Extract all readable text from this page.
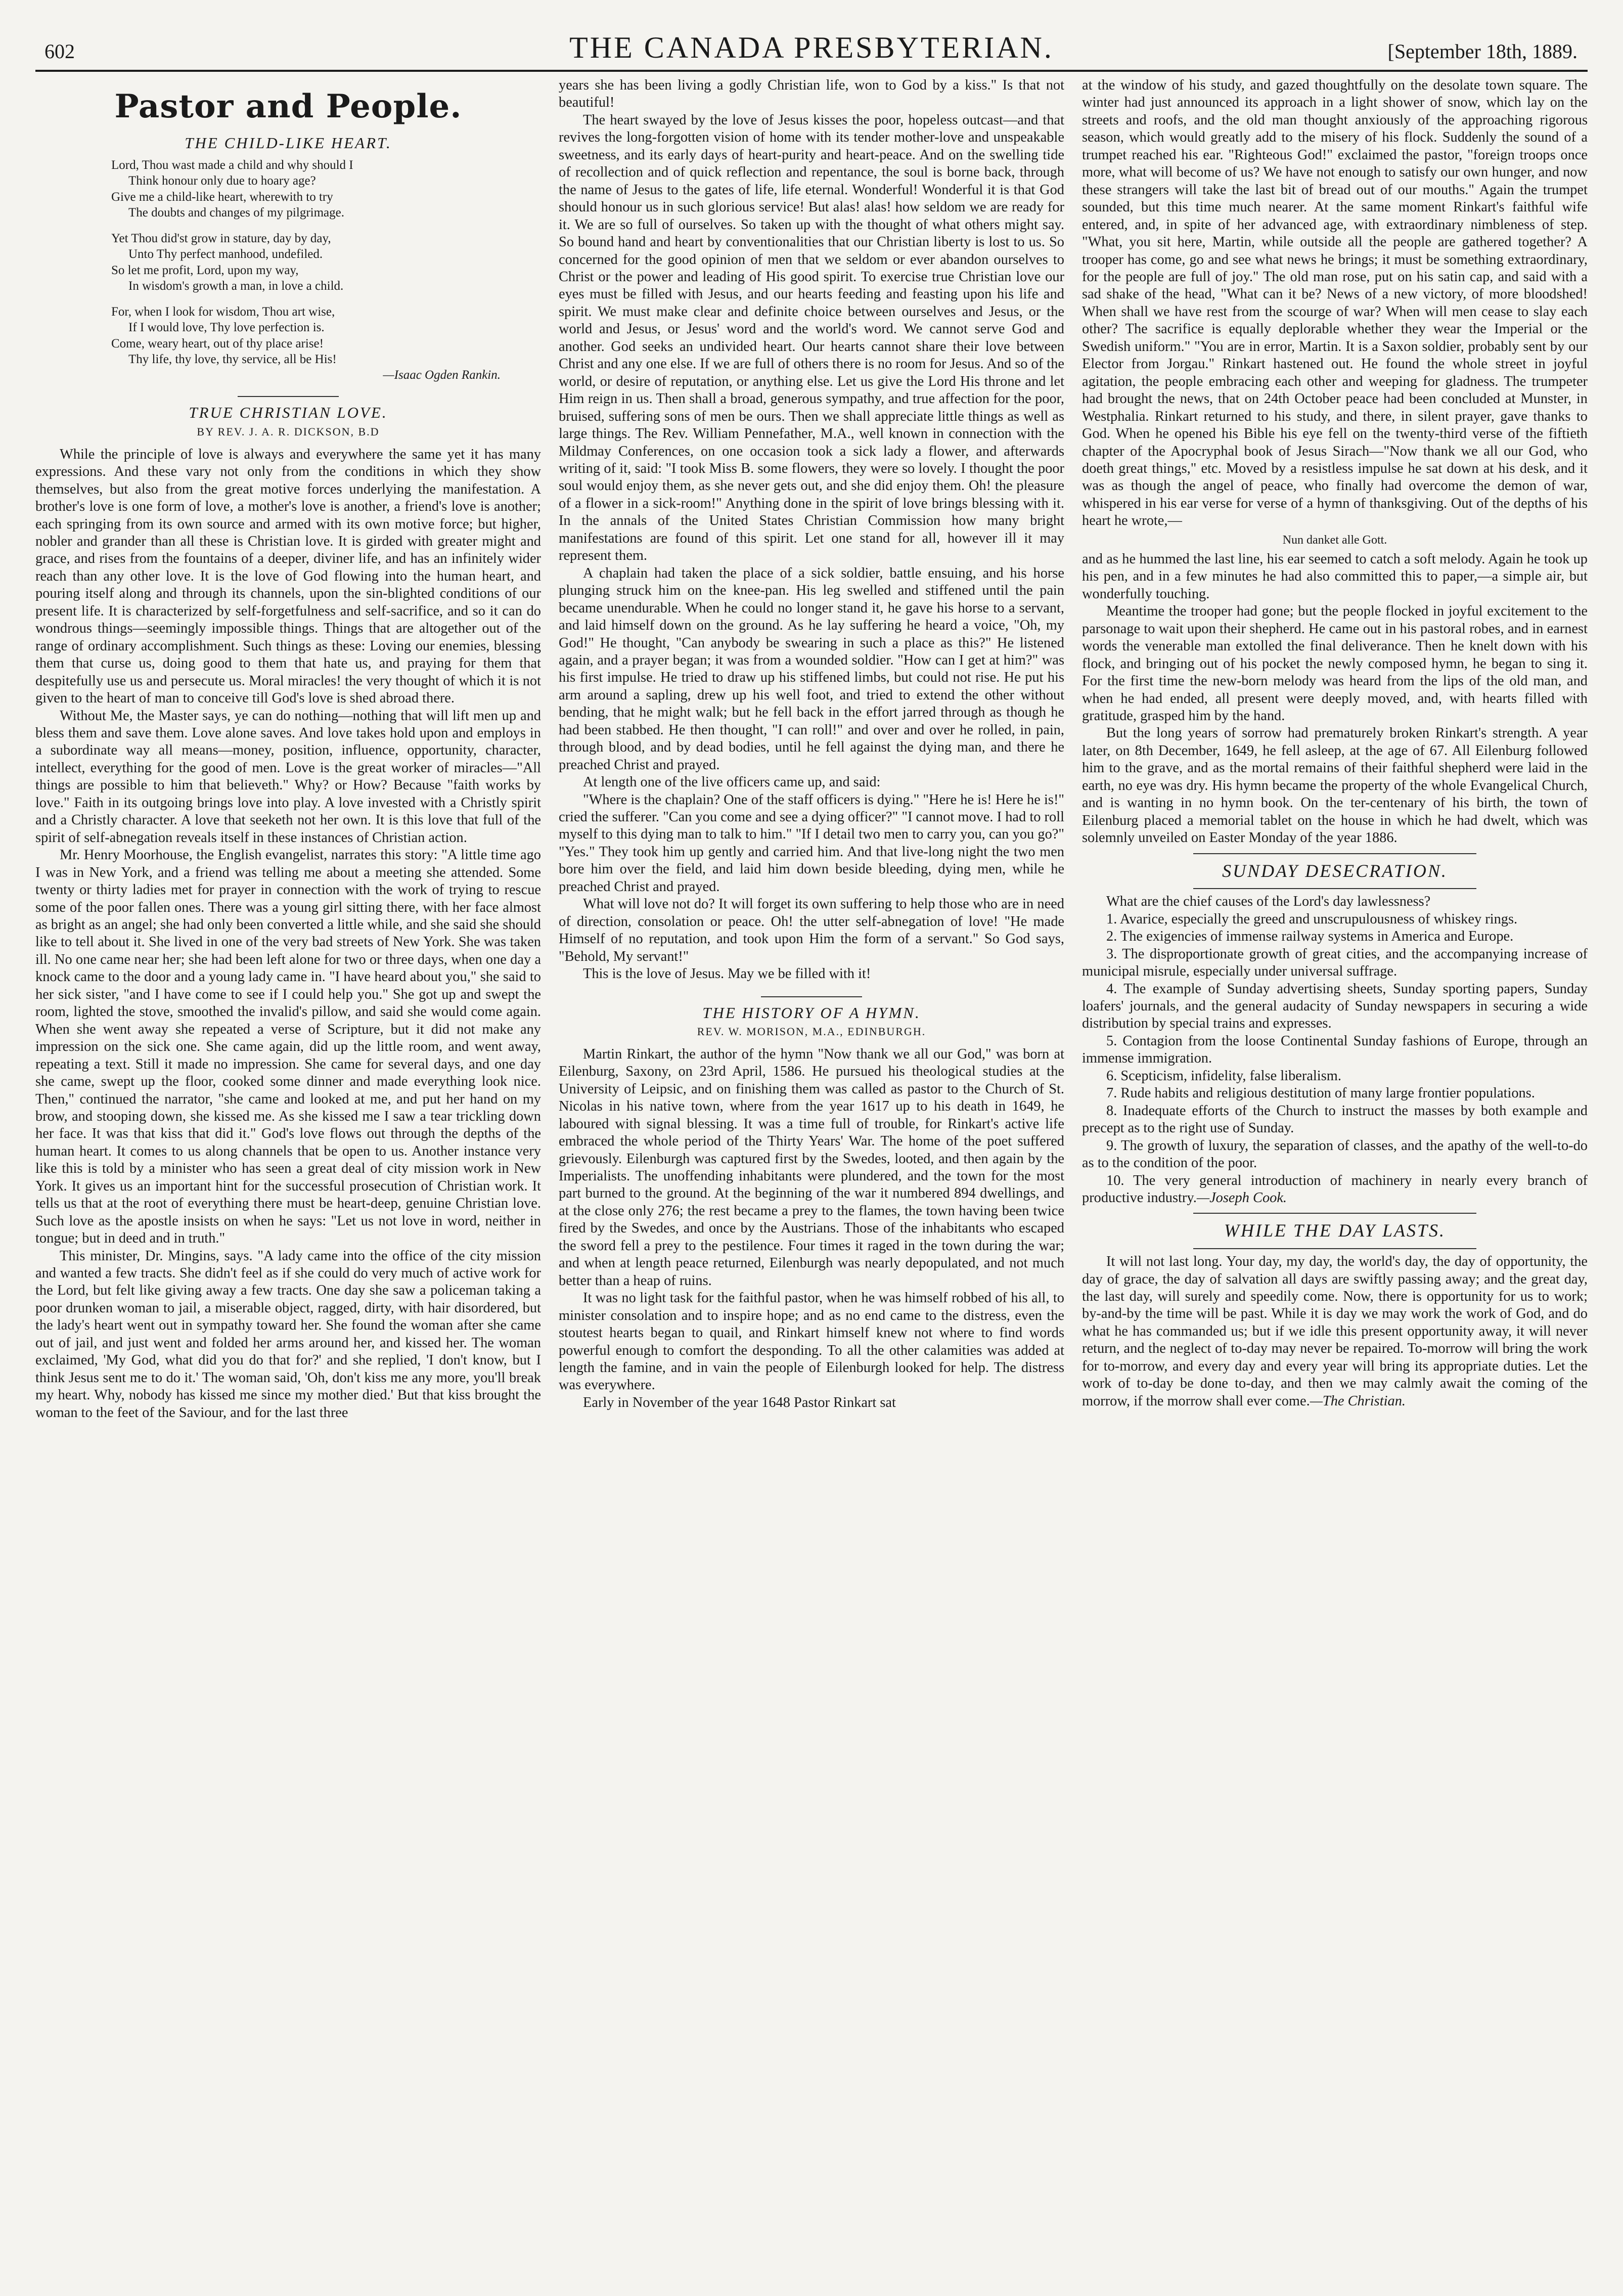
602	THE CANADA PRESBYTERIAN.	[September 18th, 1889.
Pastor and People.
THE CHILD-LIKE HEART.
Lord, Thou wast made a child and why should I
Think honour only due to hoary age?
Give me a child-like heart, wherewith to try
The doubts and changes of my pilgrimage.
Yet Thou did'st grow in stature, day by day,
Unto Thy perfect manhood, undefiled.
So let me profit, Lord, upon my way,
In wisdom's growth a man, in love a child.
For, when I look for wisdom, Thou art wise,
If I would love, Thy love perfection is.
Come, weary heart, out of thy place arise!
Thy life, thy love, thy service, all be His!
—Isaac Ogden Rankin.
TRUE CHRISTIAN LOVE.
BY REV. J. A. R. DICKSON, B.D

While the principle of love is always and everywhere the same yet it has many expressions. And these vary not only from the conditions in which they show themselves, but also from the great motive forces underlying the manifestation. A brother's love is one form of love, a mother's love is another, a friend's love is another; each springing from its own source and armed with its own motive force; but higher, nobler and grander than all these is Christian love. It is girded with greater might and grace, and rises from the fountains of a deeper, diviner life, and has an infinitely wider reach than any other love. It is the love of God flowing into the human heart, and pouring itself along and through its channels, upon the sin-blighted conditions of our present life. It is characterized by self-forgetfulness and self-sacrifice, and so it can do wondrous things—seemingly impossible things. Things that are altogether out of the range of ordinary accomplishment. Such things as these: Loving our enemies, blessing them that curse us, doing good to them that hate us, and praying for them that despitefully use us and persecute us. Moral miracles! the very thought of which it is not given to the heart of man to conceive till God's love is shed abroad there.

Without Me, the Master says, ye can do nothing—nothing that will lift men up and bless them and save them. Love alone saves. And love takes hold upon and employs in a subordinate way all means—money, position, influence, opportunity, character, intellect, everything for the good of men. Love is the great worker of miracles—"All things are possible to him that believeth." Why? or How? Because "faith works by love." Faith in its outgoing brings love into play. A love invested with a Christly spirit and a Christly character. A love that seeketh not her own. It is this love that full of the spirit of self-abnegation reveals itself in these instances of Christian action.

Mr. Henry Moorhouse, the English evangelist, narrates this story: "A little time ago I was in New York, and a friend was telling me about a meeting she attended. Some twenty or thirty ladies met for prayer in connection with the work of trying to rescue some of the poor fallen ones. There was a young girl sitting there, with her face almost as bright as an angel; she had only been converted a little while, and she said she should like to tell about it. She lived in one of the very bad streets of New York. She was taken ill. No one came near her; she had been left alone for two or three days, when one day a knock came to the door and a young lady came in. "I have heard about you," she said to her sick sister, "and I have come to see if I could help you." She got up and swept the room, lighted the stove, smoothed the invalid's pillow, and said she would come again. When she went away she repeated a verse of Scripture, but it did not make any impression on the sick one. She came again, did up the little room, and went away, repeating a text. Still it made no impression. She came for several days, and one day she came, swept up the floor, cooked some dinner and made everything look nice. Then," continued the narrator, "she came and looked at me, and put her hand on my brow, and stooping down, she kissed me. As she kissed me I saw a tear trickling down her face. It was that kiss that did it." God's love flows out through the depths of the human heart. It comes to us along channels that be open to us. Another instance very like this is told by a minister who has seen a great deal of city mission work in New York. It gives us an important hint for the successful prosecution of Christian work. It tells us that at the root of everything there must be heart-deep, genuine Christian love. Such love as the apostle insists on when he says: "Let us not love in word, neither in tongue; but in deed and in truth."

This minister, Dr. Mingins, says. "A lady came into the office of the city mission and wanted a few tracts. She didn't feel as if she could do very much of active work for the Lord, but felt like giving away a few tracts. One day she saw a policeman taking a poor drunken woman to jail, a miserable object, ragged, dirty, with hair disordered, but the lady's heart went out in sympathy toward her. She found the woman after she came out of jail, and just went and folded her arms around her, and kissed her. The woman exclaimed, 'My God, what did you do that for?' and she replied, 'I don't know, but I think Jesus sent me to do it.' The woman said, 'Oh, don't kiss me any more, you'll break my heart. Why, nobody has kissed me since my mother died.' But that kiss brought the woman to the feet of the Saviour, and for the last three

years she has been living a godly Christian life, won to God by a kiss." Is that not beautiful!

The heart swayed by the love of Jesus kisses the poor, hopeless outcast—and that revives the long-forgotten vision of home with its tender mother-love and unspeakable sweetness, and its early days of heart-purity and heart-peace. And on the swelling tide of recollection and of quick reflection and repentance, the soul is borne back, through the name of Jesus to the gates of life, life eternal. Wonderful! Wonderful it is that God should honour us in such glorious service! But alas! alas! how seldom we are ready for it. We are so full of ourselves. So taken up with the thought of what others might say. So bound hand and heart by conventionalities that our Christian liberty is lost to us. So concerned for the good opinion of men that we seldom or ever abandon ourselves to Christ or the power and leading of His good spirit. To exercise true Christian love our eyes must be filled with Jesus, and our hearts feeding and feasting upon his life and spirit. We must make clear and definite choice between ourselves and Jesus, or the world and Jesus, or Jesus' word and the world's word. We cannot serve God and another. God seeks an undivided heart. Our hearts cannot share their love between Christ and any one else. If we are full of others there is no room for Jesus. And so of the world, or desire of reputation, or anything else. Let us give the Lord His throne and let Him reign in us. Then shall a broad, generous sympathy, and true affection for the poor, bruised, suffering sons of men be ours. Then we shall appreciate little things as well as large things. The Rev. William Pennefather, M.A., well known in connection with the Mildmay Conferences, on one occasion took a sick lady a flower, and afterwards writing of it, said: "I took Miss B. some flowers, they were so lovely. I thought the poor soul would enjoy them, as she never gets out, and she did enjoy them. Oh! the pleasure of a flower in a sick-room!" Anything done in the spirit of love brings blessing with it. In the annals of the United States Christian Commission how many bright manifestations are found of this spirit. Let one stand for all, however ill it may represent them.

A chaplain had taken the place of a sick soldier, battle ensuing, and his horse plunging struck him on the knee-pan. His leg swelled and stiffened until the pain became unendurable. When he could no longer stand it, he gave his horse to a servant, and laid himself down on the ground. As he lay suffering he heard a voice, "Oh, my God!" He thought, "Can anybody be swearing in such a place as this?" He listened again, and a prayer began; it was from a wounded soldier. "How can I get at him?" was his first impulse. He tried to draw up his stiffened limbs, but could not rise. He put his arm around a sapling, drew up his well foot, and tried to extend the other without bending, that he might walk; but he fell back in the effort jarred through as though he had been stabbed. He then thought, "I can roll!" and over and over he rolled, in pain, through blood, and by dead bodies, until he fell against the dying man, and there he preached Christ and prayed.

At length one of the live officers came up, and said:

"Where is the chaplain? One of the staff officers is dying." "Here he is! Here he is!" cried the sufferer. "Can you come and see a dying officer?" "I cannot move. I had to roll myself to this dying man to talk to him." "If I detail two men to carry you, can you go?" "Yes." They took him up gently and carried him. And that live-long night the two men bore him over the field, and laid him down beside bleeding, dying men, while he preached Christ and prayed.

What will love not do? It will forget its own suffering to help those who are in need of direction, consolation or peace. Oh! the utter self-abnegation of love! "He made Himself of no reputation, and took upon Him the form of a servant." So God says, "Behold, My servant!"

This is the love of Jesus. May we be filled with it!

THE HISTORY OF A HYMN.
REV. W. MORISON, M.A., EDINBURGH.

Martin Rinkart, the author of the hymn "Now thank we all our God," was born at Eilenburg, Saxony, on 23rd April, 1586. He pursued his theological studies at the University of Leipsic, and on finishing them was called as pastor to the Church of St. Nicolas in his native town, where from the year 1617 up to his death in 1649, he laboured with signal blessing. It was a time full of trouble, for Rinkart's active life embraced the whole period of the Thirty Years' War. The home of the poet suffered grievously. Eilenburgh was captured first by the Swedes, looted, and then again by the Imperialists. The unoffending inhabitants were plundered, and the town for the most part burned to the ground. At the beginning of the war it numbered 894 dwellings, and at the close only 276; the rest became a prey to the flames, the town having been twice fired by the Swedes, and once by the Austrians. Those of the inhabitants who escaped the sword fell a prey to the pestilence. Four times it raged in the town during the war; and when at length peace returned, Eilenburgh was nearly depopulated, and not much better than a heap of ruins.

It was no light task for the faithful pastor, when he was himself robbed of his all, to minister consolation and to inspire hope; and as no end came to the distress, even the stoutest hearts began to quail, and Rinkart himself knew not where to find words powerful enough to comfort the desponding. To all the other calamities was added at length the famine, and in vain the people of Eilenburgh looked for help. The distress was everywhere.

Early in November of the year 1648 Pastor Rinkart sat

at the window of his study, and gazed thoughtfully on the desolate town square. The winter had just announced its approach in a light shower of snow, which lay on the streets and roofs, and the old man thought anxiously of the approaching rigorous season, which would greatly add to the misery of his flock. Suddenly the sound of a trumpet reached his ear. "Righteous God!" exclaimed the pastor, "foreign troops once more, what will become of us? We have not enough to satisfy our own hunger, and now these strangers will take the last bit of bread out of our mouths." Again the trumpet sounded, but this time much nearer. At the same moment Rinkart's faithful wife entered, and, in spite of her advanced age, with extraordinary nimbleness of step. "What, you sit here, Martin, while outside all the people are gathered together? A trooper has come, go and see what news he brings; it must be something extraordinary, for the people are full of joy." The old man rose, put on his satin cap, and said with a sad shake of the head, "What can it be? News of a new victory, of more bloodshed! When shall we have rest from the scourge of war? When will men cease to slay each other? The sacrifice is equally deplorable whether they wear the Imperial or the Swedish uniform." "You are in error, Martin. It is a Saxon soldier, probably sent by our Elector from Jorgau." Rinkart hastened out. He found the whole street in joyful agitation, the people embracing each other and weeping for gladness. The trumpeter had brought the news, that on 24th October peace had been concluded at Munster, in Westphalia. Rinkart returned to his study, and there, in silent prayer, gave thanks to God. When he opened his Bible his eye fell on the twenty-third verse of the fiftieth chapter of the Apocryphal book of Jesus Sirach—"Now thank we all our God, who doeth great things," etc. Moved by a resistless impulse he sat down at his desk, and it was as though the angel of peace, who finally had overcome the demon of war, whispered in his ear verse for verse of a hymn of thanksgiving. Out of the depths of his heart he wrote,—

Nun danket alle Gott.

and as he hummed the last line, his ear seemed to catch a soft melody. Again he took up his pen, and in a few minutes he had also committed this to paper,—a simple air, but wonderfully touching.

Meantime the trooper had gone; but the people flocked in joyful excitement to the parsonage to wait upon their shepherd. He came out in his pastoral robes, and in earnest words the venerable man extolled the final deliverance. Then he knelt down with his flock, and bringing out of his pocket the newly composed hymn, he began to sing it. For the first time the new-born melody was heard from the lips of the old man, and when he had ended, all present were deeply moved, and, with hearts filled with gratitude, grasped him by the hand.

But the long years of sorrow had prematurely broken Rinkart's strength. A year later, on 8th December, 1649, he fell asleep, at the age of 67. All Eilenburg followed him to the grave, and as the mortal remains of their faithful shepherd were laid in the earth, no eye was dry. His hymn became the property of the whole Evangelical Church, and is wanting in no hymn book. On the ter-centenary of his birth, the town of Eilenburg placed a memorial tablet on the house in which he had dwelt, which was solemnly unveiled on Easter Monday of the year 1886.

SUNDAY DESECRATION.

What are the chief causes of the Lord's day lawlessness?

1. Avarice, especially the greed and unscrupulousness of whiskey rings.

2. The exigencies of immense railway systems in America and Europe.

3. The disproportionate growth of great cities, and the accompanying increase of municipal misrule, especially under universal suffrage.

4. The example of Sunday advertising sheets, Sunday sporting papers, Sunday loafers' journals, and the general audacity of Sunday newspapers in securing a wide distribution by special trains and expresses.

5. Contagion from the loose Continental Sunday fashions of Europe, through an immense immigration.

6. Scepticism, infidelity, false liberalism.

7. Rude habits and religious destitution of many large frontier populations.

8. Inadequate efforts of the Church to instruct the masses by both example and precept as to the right use of Sunday.

9. The growth of luxury, the separation of classes, and the apathy of the well-to-do as to the condition of the poor.

10. The very general introduction of machinery in nearly every branch of productive industry.—Joseph Cook.

WHILE THE DAY LASTS.

It will not last long. Your day, my day, the world's day, the day of opportunity, the day of grace, the day of salvation all days are swiftly passing away; and the great day, the last day, will surely and speedily come. Now, there is opportunity for us to work; by-and-by the time will be past. While it is day we may work the work of God, and do what he has commanded us; but if we idle this present opportunity away, it will never return, and the neglect of to-day may never be repaired. To-morrow will bring the work for to-morrow, and every day and every year will bring its appropriate duties. Let the work of to-day be done to-day, and then we may calmly await the coming of the morrow, if the morrow shall ever come.—The Christian.
